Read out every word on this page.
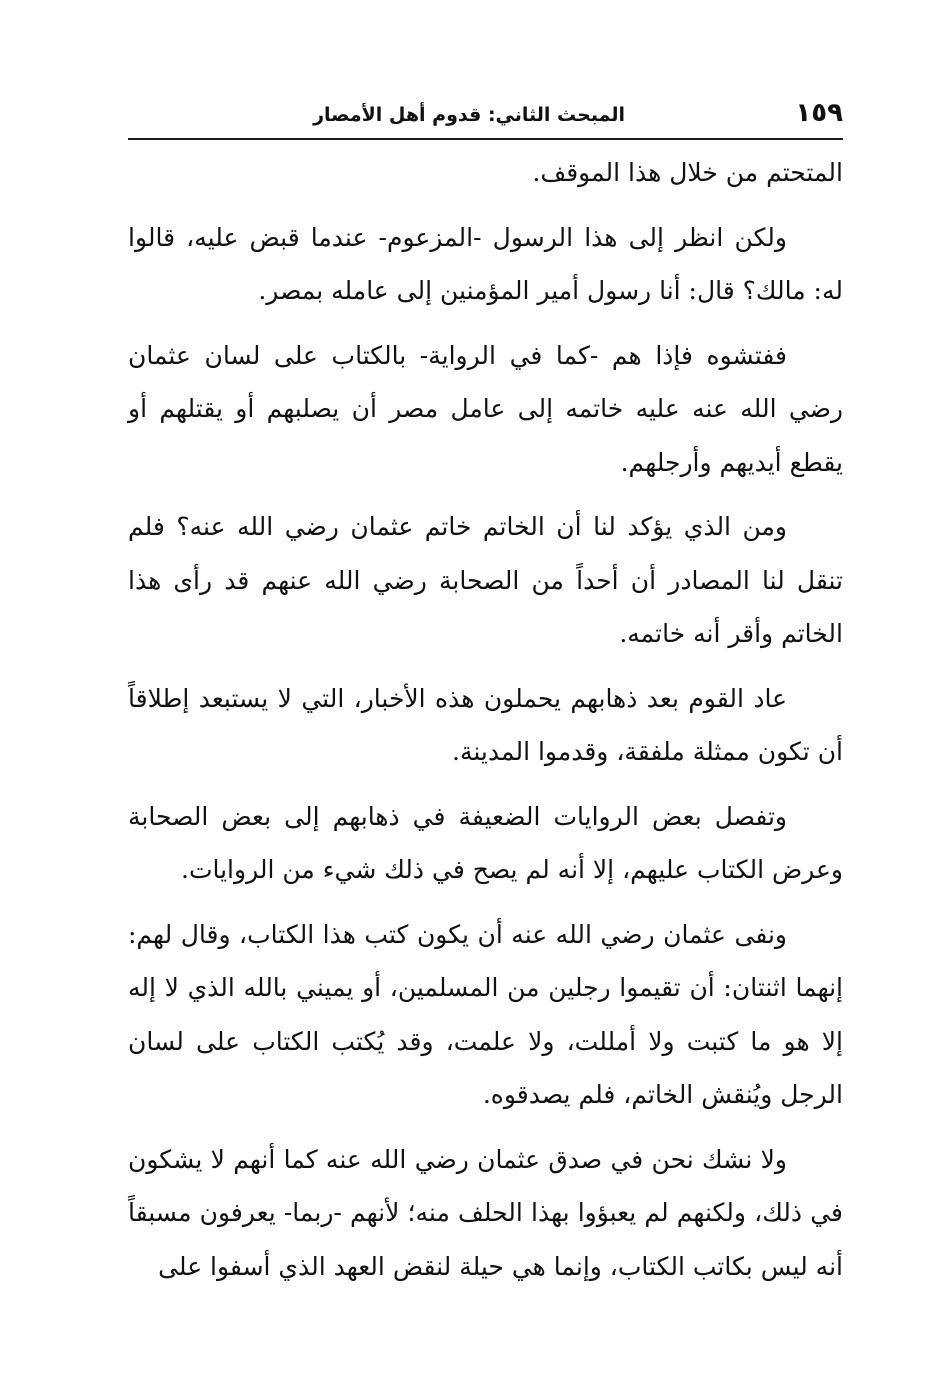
١٥٩
المبحث الثاني: قدوم أهل الأمصار

المتحتم من خلال هذا الموقف.

ولكن انظر إلى هذا الرسول -المزعوم- عندما قبض عليه، قالوا له: مالك؟ قال: أنا رسول أمير المؤمنين إلى عامله بمصر.

ففتشوه فإذا هم -كما في الرواية- بالكتاب على لسان عثمان رضي الله عنه عليه خاتمه إلى عامل مصر أن يصلبهم أو يقتلهم أو يقطع أيديهم وأرجلهم.

ومن الذي يؤكد لنا أن الخاتم خاتم عثمان رضي الله عنه؟ فلم تنقل لنا المصادر أن أحداً من الصحابة رضي الله عنهم قد رأى هذا الخاتم وأقر أنه خاتمه.

عاد القوم بعد ذهابهم يحملون هذه الأخبار، التي لا يستبعد إطلاقاً أن تكون ممثلة ملفقة، وقدموا المدينة.

وتفصل بعض الروايات الضعيفة في ذهابهم إلى بعض الصحابة وعرض الكتاب عليهم، إلا أنه لم يصح في ذلك شيء من الروايات.

ونفى عثمان رضي الله عنه أن يكون كتب هذا الكتاب، وقال لهم: إنهما اثنتان: أن تقيموا رجلين من المسلمين، أو يميني بالله الذي لا إله إلا هو ما كتبت ولا أمللت، ولا علمت، وقد يُكتب الكتاب على لسان الرجل ويُنقش الخاتم، فلم يصدقوه.

ولا نشك نحن في صدق عثمان رضي الله عنه كما أنهم لا يشكون في ذلك، ولكنهم لم يعبؤوا بهذا الحلف منه؛ لأنهم -ربما- يعرفون مسبقاً أنه ليس بكاتب الكتاب، وإنما هي حيلة لنقض العهد الذي أسفوا على
